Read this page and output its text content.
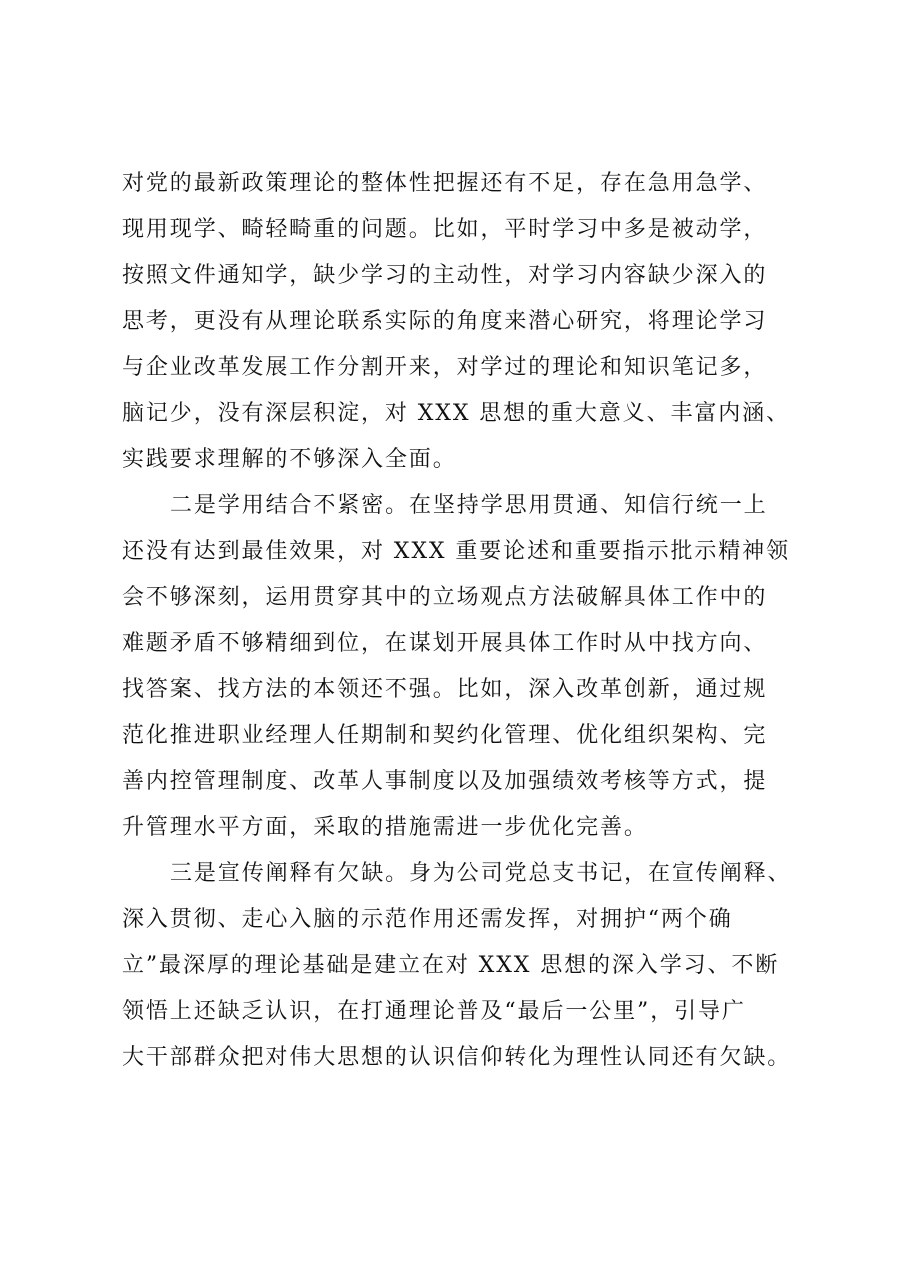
对党的最新政策理论的整体性把握还有不足，存在急用急学、
现用现学、畸轻畸重的问题。比如，平时学习中多是被动学，
按照文件通知学，缺少学习的主动性，对学习内容缺少深入的
思考，更没有从理论联系实际的角度来潜心研究，将理论学习
与企业改革发展工作分割开来，对学过的理论和知识笔记多，
脑记少，没有深层积淀，对 XXX 思想的重大意义、丰富内涵、
实践要求理解的不够深入全面。
二是学用结合不紧密。在坚持学思用贯通、知信行统一上
还没有达到最佳效果，对 XXX 重要论述和重要指示批示精神领
会不够深刻，运用贯穿其中的立场观点方法破解具体工作中的
难题矛盾不够精细到位，在谋划开展具体工作时从中找方向、
找答案、找方法的本领还不强。比如，深入改革创新，通过规
范化推进职业经理人任期制和契约化管理、优化组织架构、完
善内控管理制度、改革人事制度以及加强绩效考核等方式，提
升管理水平方面，采取的措施需进一步优化完善。
三是宣传阐释有欠缺。身为公司党总支书记，在宣传阐释、
深入贯彻、走心入脑的示范作用还需发挥，对拥护“两个确
立”最深厚的理论基础是建立在对 XXX 思想的深入学习、不断
领悟上还缺乏认识，在打通理论普及“最后一公里”，引导广
大干部群众把对伟大思想的认识信仰转化为理性认同还有欠缺。
